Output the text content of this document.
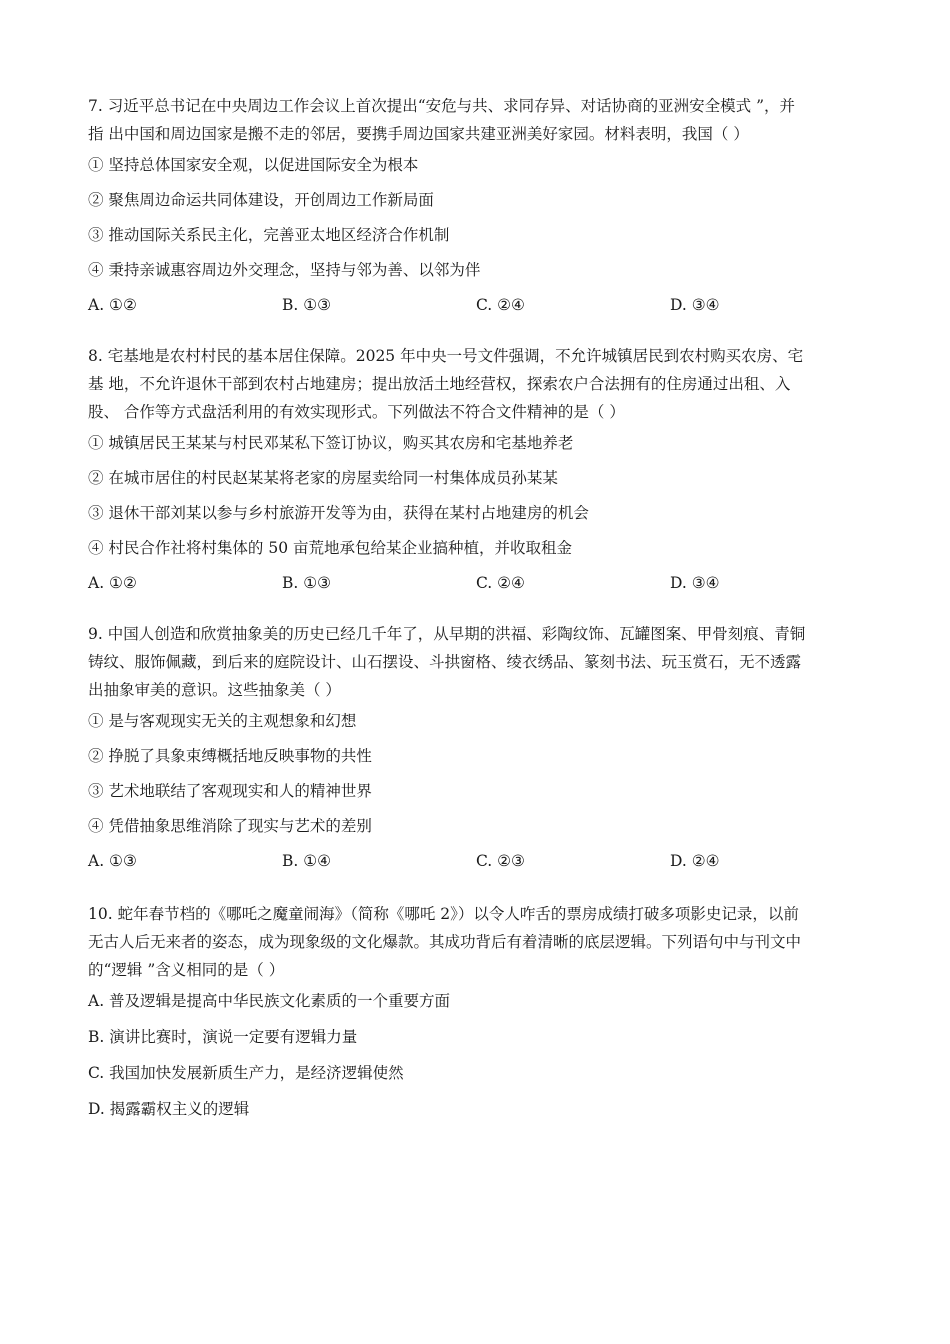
7. 习近平总书记在中央周边工作会议上首次提出“安危与共、求同存异、对话协商的亚洲安全模式 ”，并
指 出中国和周边国家是搬不走的邻居，要携手周边国家共建亚洲美好家园。材料表明，我国（ ）
① 坚持总体国家安全观，以促进国际安全为根本
② 聚焦周边命运共同体建设，开创周边工作新局面
③ 推动国际关系民主化，完善亚太地区经济合作机制
④ 秉持亲诚惠容周边外交理念，坚持与邻为善、以邻为伴
A. ①②	B. ①③	C. ②④	D. ③④
8. 宅基地是农村村民的基本居住保障。2025 年中央一号文件强调，不允许城镇居民到农村购买农房、宅
基 地，不允许退休干部到农村占地建房；提出放活土地经营权，探索农户合法拥有的住房通过出租、入
股、 合作等方式盘活利用的有效实现形式。下列做法不符合文件精神的是（ ）
① 城镇居民王某某与村民邓某私下签订协议，购买其农房和宅基地养老
② 在城市居住的村民赵某某将老家的房屋卖给同一村集体成员孙某某
③ 退休干部刘某以参与乡村旅游开发等为由，获得在某村占地建房的机会
④ 村民合作社将村集体的 50 亩荒地承包给某企业搞种植，并收取租金
A. ①②	B. ①③	C. ②④	D. ③④
9. 中国人创造和欣赏抽象美的历史已经几千年了，从早期的洪福、彩陶纹饰、瓦罐图案、甲骨刻痕、青铜
铸纹、服饰佩藏，到后来的庭院设计、山石摆设、斗拱窗格、绫衣绣品、篆刻书法、玩玉赏石，无不透露
出抽象审美的意识。这些抽象美（ ）
① 是与客观现实无关的主观想象和幻想
② 挣脱了具象束缚概括地反映事物的共性
③ 艺术地联结了客观现实和人的精神世界
④ 凭借抽象思维消除了现实与艺术的差别
A. ①③	B. ①④	C. ②③	D. ②④
10. 蛇年春节档的《哪吒之魔童闹海》（简称《哪吒 2》）以令人咋舌的票房成绩打破多项影史记录，以前
无古人后无来者的姿态，成为现象级的文化爆款。其成功背后有着清晰的底层逻辑。下列语句中与刊文中
的“逻辑 ”含义相同的是（ ）
A. 普及逻辑是提高中华民族文化素质的一个重要方面
B. 演讲比赛时，演说一定要有逻辑力量
C. 我国加快发展新质生产力，是经济逻辑使然
D. 揭露霸权主义的逻辑
